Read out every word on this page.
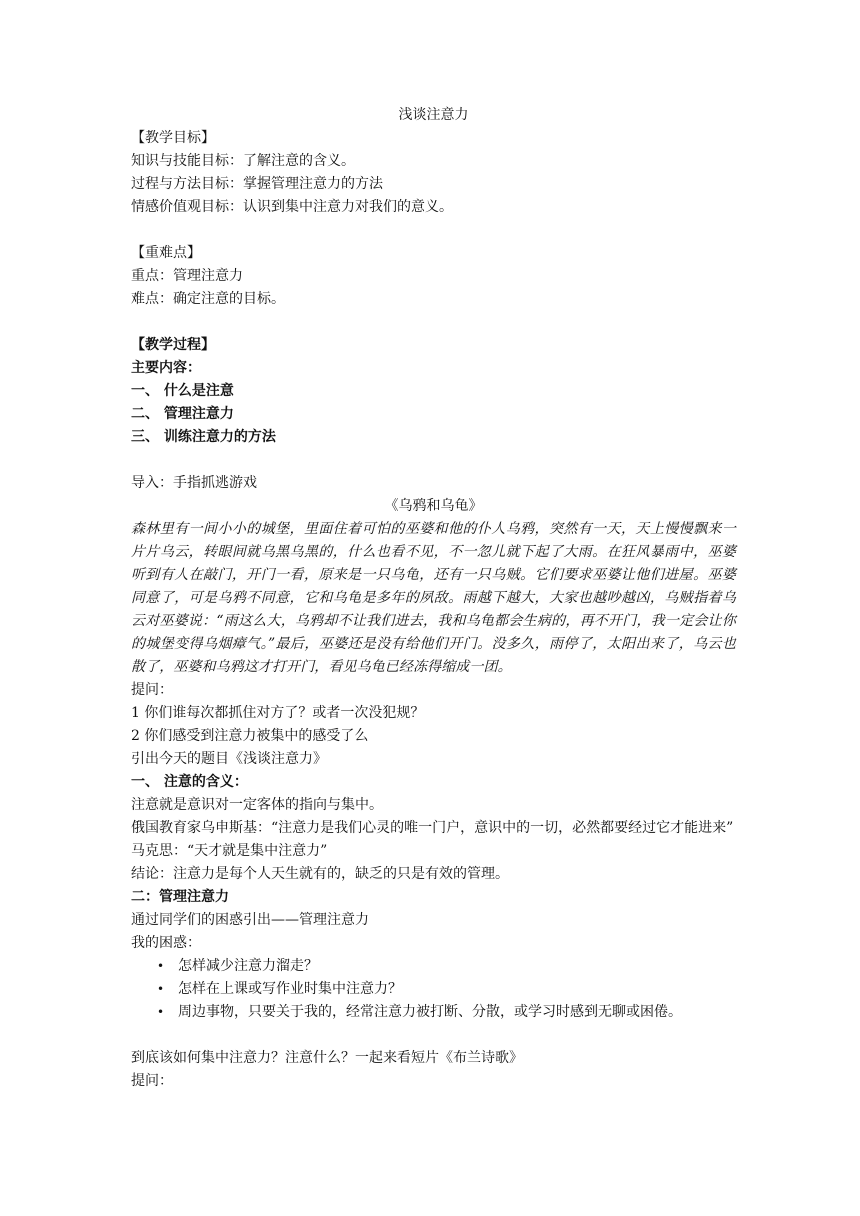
浅谈注意力
【教学目标】
知识与技能目标：了解注意的含义。
过程与方法目标：掌握管理注意力的方法
情感价值观目标：认识到集中注意力对我们的意义。
【重难点】
重点：管理注意力
难点：确定注意的目标。
【教学过程】
主要内容：
一、 什么是注意
二、 管理注意力
三、 训练注意力的方法
导入：手指抓逃游戏
《乌鸦和乌龟》
森林里有一间小小的城堡，里面住着可怕的巫婆和他的仆人乌鸦，突然有一天，天上慢慢飘来一片片乌云，转眼间就乌黑乌黑的，什么也看不见，不一忽儿就下起了大雨。在狂风暴雨中，巫婆听到有人在敲门，开门一看，原来是一只乌龟，还有一只乌贼。它们要求巫婆让他们进屋。巫婆同意了，可是乌鸦不同意，它和乌龟是多年的夙敌。雨越下越大，大家也越吵越凶，乌贼指着乌云对巫婆说：“雨这么大，乌鸦却不让我们进去，我和乌龟都会生病的，再不开门，我一定会让你的城堡变得乌烟瘴气。”最后，巫婆还是没有给他们开门。没多久，雨停了，太阳出来了，乌云也散了，巫婆和乌鸦这才打开门，看见乌龟已经冻得缩成一团。
提问：
1 你们谁每次都抓住对方了？或者一次没犯规？
2 你们感受到注意力被集中的感受了么
引出今天的题目《浅谈注意力》
一、 注意的含义：
注意就是意识对一定客体的指向与集中。
俄国教育家乌申斯基：“注意力是我们心灵的唯一门户，意识中的一切，必然都要经过它才能进来”
马克思：“天才就是集中注意力”
结论：注意力是每个人天生就有的，缺乏的只是有效的管理。
二：管理注意力
通过同学们的困惑引出——管理注意力
我的困惑：
• 怎样减少注意力溜走？
• 怎样在上课或写作业时集中注意力？
• 周边事物，只要关于我的，经常注意力被打断、分散，或学习时感到无聊或困倦。
到底该如何集中注意力？注意什么？一起来看短片《布兰诗歌》
提问：
